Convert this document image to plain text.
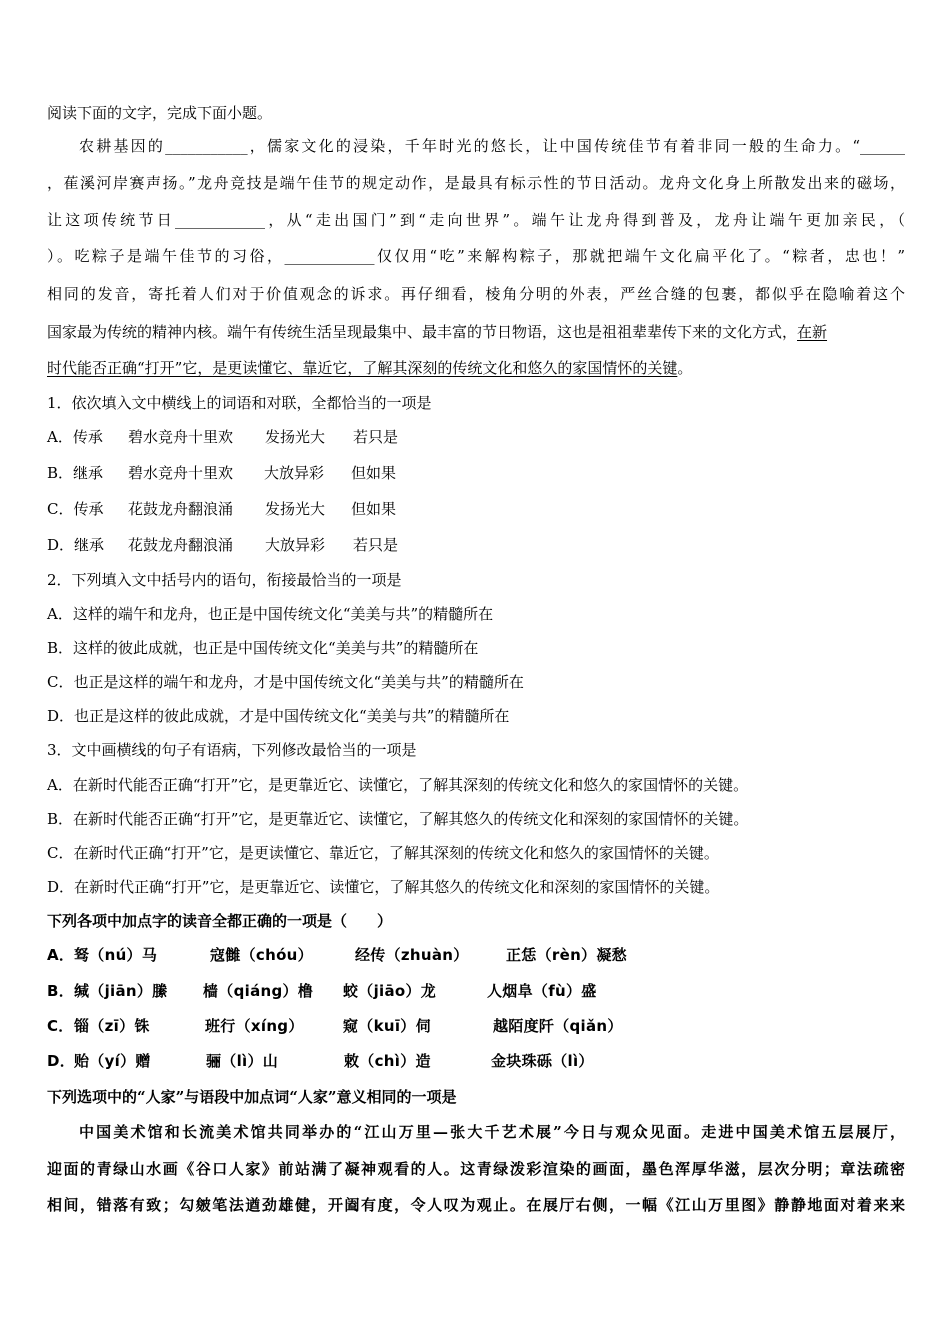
阅读下面的文字，完成下面小题。
农耕基因的___________，儒家文化的浸染，千年时光的悠长，让中国传统佳节有着非同一般的生命力。“______
，萑溪河岸赛声扬。”龙舟竞技是端午佳节的规定动作，是最具有标示性的节日活动。龙舟文化身上所散发出来的磁场，
让这项传统节日____________，从“走出国门”到“走向世界”。端午让龙舟得到普及，龙舟让端午更加亲民，（
）。吃粽子是端午佳节的习俗，____________仅仅用“吃”来解构粽子，那就把端午文化扁平化了。“粽者，忠也！”
相同的发音，寄托着人们对于价值观念的诉求。再仔细看，棱角分明的外表，严丝合缝的包裹，都似乎在隐喻着这个
国家最为传统的精神内核。端午有传统生活呈现最集中、最丰富的节日物语，这也是祖祖辈辈传下来的文化方式，在新
时代能否正确“打开”它，是更读懂它、靠近它，了解其深刻的传统文化和悠久的家国情怀的关键。
1．依次填入文中横线上的词语和对联，全都恰当的一项是
A．传承 碧水竞舟十里欢 发扬光大 若只是
B．继承 碧水竞舟十里欢 大放异彩 但如果
C．传承 花鼓龙舟翻浪涌 发扬光大 但如果
D．继承 花鼓龙舟翻浪涌 大放异彩 若只是
2．下列填入文中括号内的语句，衔接最恰当的一项是
A．这样的端午和龙舟，也正是中国传统文化“美美与共”的精髓所在
B．这样的彼此成就，也正是中国传统文化“美美与共”的精髓所在
C．也正是这样的端午和龙舟，才是中国传统文化“美美与共”的精髓所在
D．也正是这样的彼此成就，才是中国传统文化“美美与共”的精髓所在
3．文中画横线的句子有语病，下列修改最恰当的一项是
A．在新时代能否正确“打开”它，是更靠近它、读懂它，了解其深刻的传统文化和悠久的家国情怀的关键。
B．在新时代能否正确“打开”它，是更靠近它、读懂它，了解其悠久的传统文化和深刻的家国情怀的关键。
C．在新时代正确“打开”它，是更读懂它、靠近它，了解其深刻的传统文化和悠久的家国情怀的关键。
D．在新时代正确“打开”它，是更靠近它、读懂它，了解其悠久的传统文化和深刻的家国情怀的关键。
下列各项中加点字的读音全都正确的一项是（　　）
A．驽（nú）马	寇雠（chóu）	经传（zhuàn） 正恁（rèn）凝愁
B．缄（jiān）縢 樯（qiáng）橹 蛟（jiāo）龙	人烟阜（fù）盛
C．锱（zī）铢	班行（xíng）	窥（kuī）伺	越陌度阡（qiǎn）
D．贻（yí）赠	骊（lì）山	敕（chì）造	金块珠砾（lì）
下列选项中的“人家”与语段中加点词“人家”意义相同的一项是
中国美术馆和长流美术馆共同举办的“江山万里—张大千艺术展”今日与观众见面。走进中国美术馆五层展厅，
迎面的青绿山水画《谷口人家》前站满了凝神观看的人。这青绿泼彩渲染的画面，墨色浑厚华滋，层次分明；章法疏密
相间，错落有致；勾皴笔法遒劲雄健，开阖有度，令人叹为观止。在展厅右侧，一幅《江山万里图》静静地面对着来来
